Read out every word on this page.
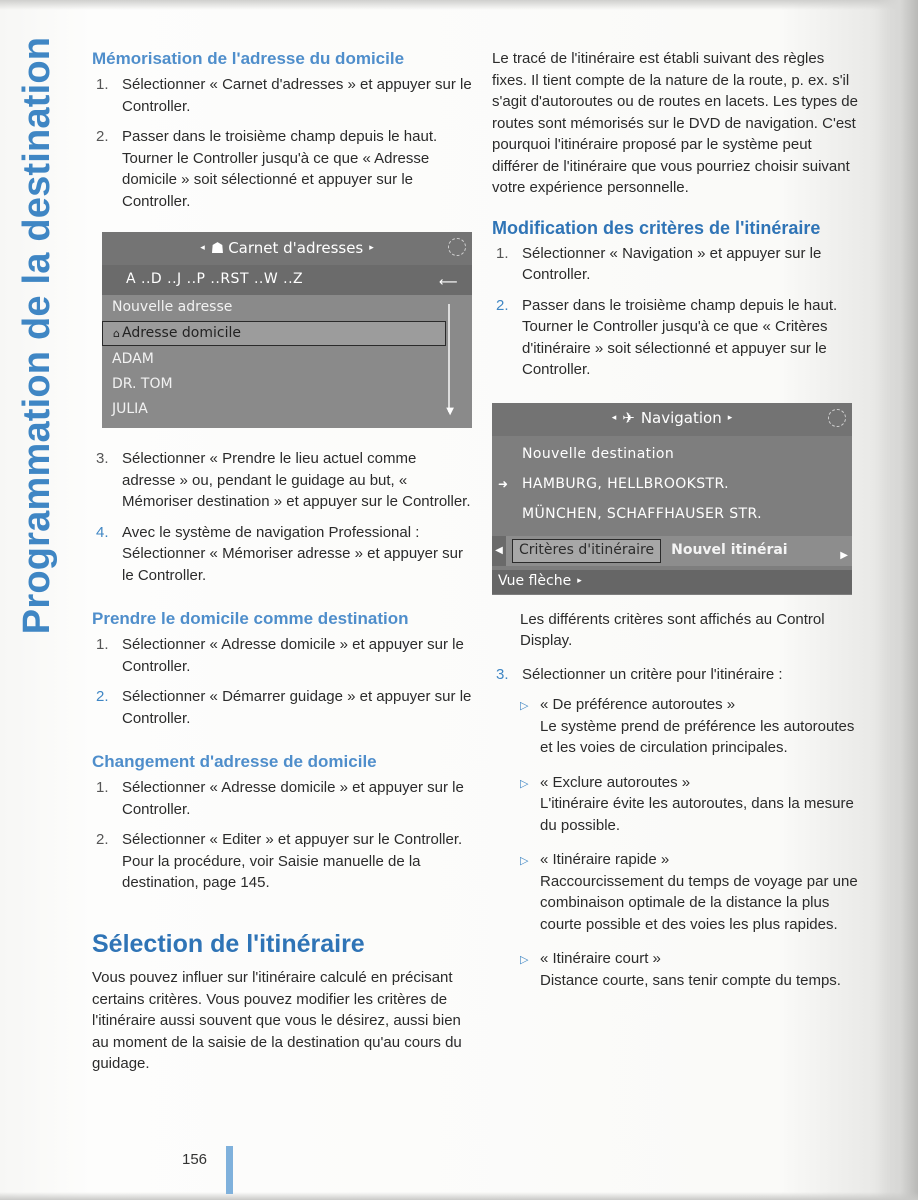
Programmation de la destination Mémorisation de l'adresse du domicile
1. Sélectionner « Carnet d'adresses » et appuyer sur le Controller.
2. Passer dans le troisième champ depuis le haut. Tourner le Controller jusqu'à ce que « Adresse domicile » soit sélectionné et appuyer sur le Controller.
◂ ☗ Carnet d'adresses ▸
A ..D ..J ..P ..RST ..W ..Z	⟵
Nouvelle adresse
⌂ Adresse domicile
ADAM
DR. TOM
JULIA	▼
3. Sélectionner « Prendre le lieu actuel comme adresse » ou, pendant le guidage au but, « Mémoriser destination » et appuyer sur le Controller.
4. Avec le système de navigation Professional : Sélectionner « Mémoriser adresse » et appuyer sur le Controller.
Prendre le domicile comme destination
1. Sélectionner « Adresse domicile » et appuyer sur le Controller.
2. Sélectionner « Démarrer guidage » et appuyer sur le Controller.
Changement d'adresse de domicile
1. Sélectionner « Adresse domicile » et appuyer sur le Controller.
2. Sélectionner « Editer » et appuyer sur le Controller. Pour la procédure, voir Saisie manuelle de la destination, page 145.
Sélection de l'itinéraire

Vous pouvez influer sur l'itinéraire calculé en précisant certains critères. Vous pouvez modifier les critères de l'itinéraire aussi souvent que vous le désirez, aussi bien au moment de la saisie de la destination qu'au cours du guidage.

Le tracé de l'itinéraire est établi suivant des règles fixes. Il tient compte de la nature de la route, p. ex. s'il s'agit d'autoroutes ou de routes en lacets. Les types de routes sont mémorisés sur le DVD de navigation. C'est pourquoi l'itinéraire proposé par le système peut différer de l'itinéraire que vous pourriez choisir suivant votre expérience personnelle.

Modification des critères de l'itinéraire
1. Sélectionner « Navigation » et appuyer sur le Controller.
2. Passer dans le troisième champ depuis le haut. Tourner le Controller jusqu'à ce que « Critères d'itinéraire » soit sélectionné et appuyer sur le Controller.
◂ ✈ Navigation ▸
Nouvelle destination
➜ HAMBURG, HELLBROOKSTR.
MÜNCHEN, SCHAFFHAUSER STR.
◀	Critères d'itinéraire	Nouvel itinérai	▶
Vue flèche ▸

Les différents critères sont affichés au Control Display.

3. Sélectionner un critère pour l'itinéraire :
▷ « De préférence autoroutes »
Le système prend de préférence les autoroutes et les voies de circulation principales.
▷ « Exclure autoroutes »
L'itinéraire évite les autoroutes, dans la mesure du possible.
▷ « Itinéraire rapide »
Raccourcissement du temps de voyage par une combinaison optimale de la distance la plus courte possible et des voies les plus rapides.
▷ « Itinéraire court »
Distance courte, sans tenir compte du temps.
156
